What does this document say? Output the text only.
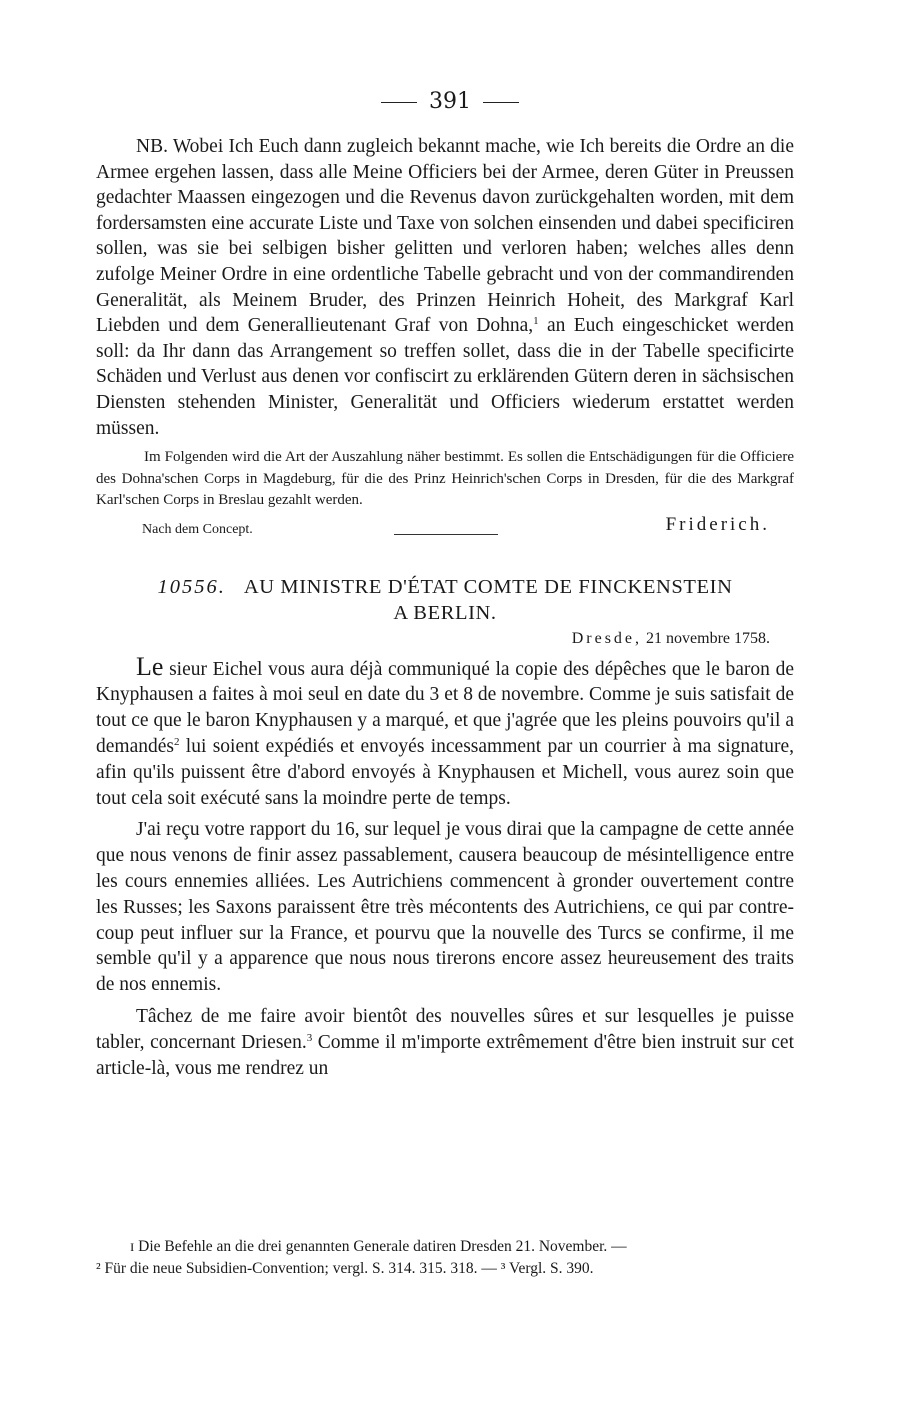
391

NB. Wobei Ich Euch dann zugleich bekannt mache, wie Ich bereits die Ordre an die Armee ergehen lassen, dass alle Meine Officiers bei der Armee, deren Güter in Preussen gedachter Maassen eingezogen und die Revenus davon zurückgehalten worden, mit dem fordersamsten eine accurate Liste und Taxe von solchen einsenden und dabei specificiren sollen, was sie bei selbigen bisher gelitten und verloren haben; welches alles denn zufolge Meiner Ordre in eine ordentliche Tabelle gebracht und von der commandirenden Generalität, als Meinem Bruder, des Prinzen Heinrich Hoheit, des Markgraf Karl Liebden und dem Generallieutenant Graf von Dohna,$^1$ an Euch eingeschicket werden soll: da Ihr dann das Arrangement so treffen sollet, dass die in der Tabelle specificirte Schäden und Verlust aus denen vor confiscirt zu erklärenden Gütern deren in sächsischen Diensten stehenden Minister, Generalität und Officiers wiederum erstattet werden müssen.

Im Folgenden wird die Art der Auszahlung näher bestimmt. Es sollen die Entschädigungen für die Officiere des Dohna'schen Corps in Magdeburg, für die des Prinz Heinrich'schen Corps in Dresden, für die des Markgraf Karl'schen Corps in Breslau gezahlt werden.

Nach dem Concept.	Friderich.
10556. AU MINISTRE D'ÉTAT COMTE DE FINCKENSTEIN
A BERLIN.
Dresde, 21 novembre 1758.

Le sieur Eichel vous aura déjà communiqué la copie des dépêches que le baron de Knyphausen a faites à moi seul en date du 3 et 8 de novembre. Comme je suis satisfait de tout ce que le baron Knyphausen y a marqué, et que j'agrée que les pleins pouvoirs qu'il a demandés$^2$ lui soient expédiés et envoyés incessamment par un courrier à ma signature, afin qu'ils puissent être d'abord envoyés à Knyphausen et Michell, vous aurez soin que tout cela soit exécuté sans la moindre perte de temps.

J'ai reçu votre rapport du 16, sur lequel je vous dirai que la campagne de cette année que nous venons de finir assez passablement, causera beaucoup de mésintelligence entre les cours ennemies alliées. Les Autrichiens commencent à gronder ouvertement contre les Russes; les Saxons paraissent être très mécontents des Autrichiens, ce qui par contre-coup peut influer sur la France, et pourvu que la nouvelle des Turcs se confirme, il me semble qu'il y a apparence que nous nous tirerons encore assez heureusement des traits de nos ennemis.

Tâchez de me faire avoir bientôt des nouvelles sûres et sur lesquelles je puisse tabler, concernant Driesen.$^3$ Comme il m'importe extrêmement d'être bien instruit sur cet article-là, vous me rendrez un

ɪ Die Befehle an die drei genannten Generale datiren Dresden 21. November. —
² Für die neue Subsidien-Convention; vergl. S. 314. 315. 318. — ³ Vergl. S. 390.
